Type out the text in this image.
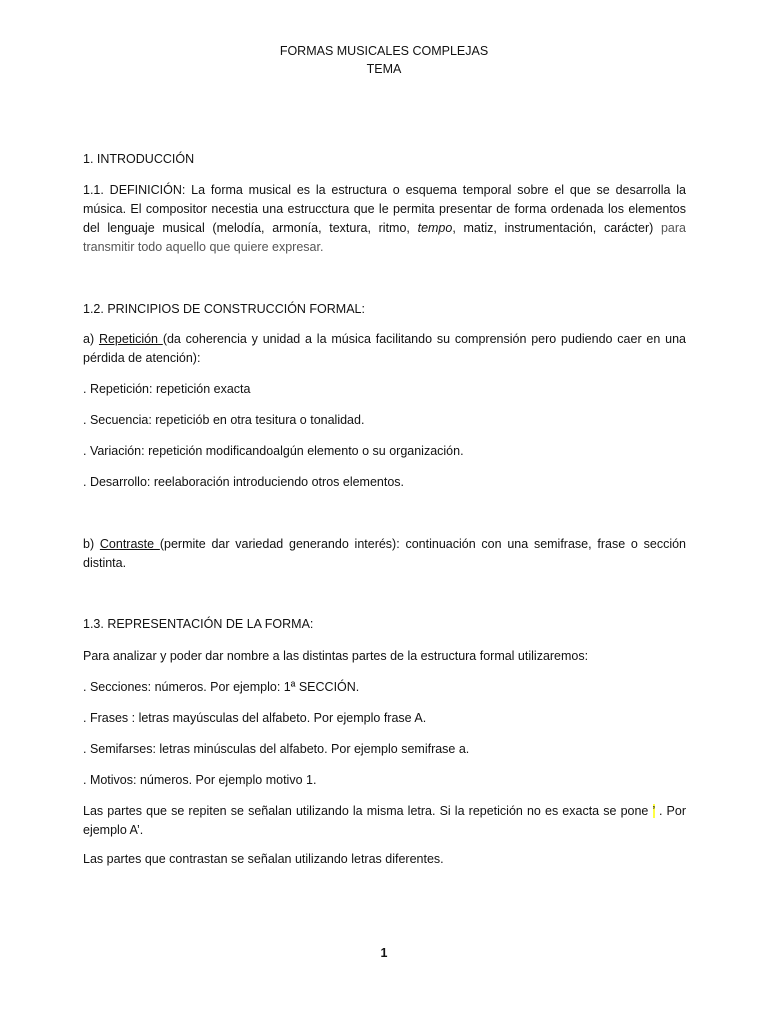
FORMAS MUSICALES COMPLEJAS
TEMA

1. INTRODUCCIÓN

1.1. DEFINICIÓN: La forma musical es la estructura o esquema temporal sobre el que se desarrolla la música. El compositor necestia una estrucctura que le permita presentar de forma ordenada los elementos del lenguaje musical (melodía, armonía, textura, ritmo, tempo, matiz, instrumentación, carácter) para transmitir todo aquello que quiere expresar.

1.2. PRINCIPIOS DE CONSTRUCCIÓN FORMAL:

a) Repetición (da coherencia y unidad a la música facilitando su comprensión pero pudiendo caer en una pérdida de atención):

. Repetición: repetición exacta

. Secuencia: repeticiób en otra tesitura o tonalidad.

. Variación: repetición modificandoalgún elemento o su organización.

. Desarrollo: reelaboración introduciendo otros elementos.

b) Contraste (permite dar variedad generando interés): continuación con una semifrase, frase o sección distinta.

1.3. REPRESENTACIÓN DE LA FORMA:

Para analizar y poder dar nombre a las distintas partes de la estructura formal utilizaremos:

. Secciones: números. Por ejemplo: 1ª SECCIÓN.

. Frases : letras mayúsculas del alfabeto. Por ejemplo frase A.

. Semifarses: letras minúsculas del alfabeto. Por ejemplo semifrase a.

. Motivos: números. Por ejemplo motivo 1.

Las partes que se repiten se señalan utilizando la misma letra. Si la repetición no es exacta se pone ’ . Por ejemplo A’.

Las partes que contrastan se señalan utilizando letras diferentes.

1
